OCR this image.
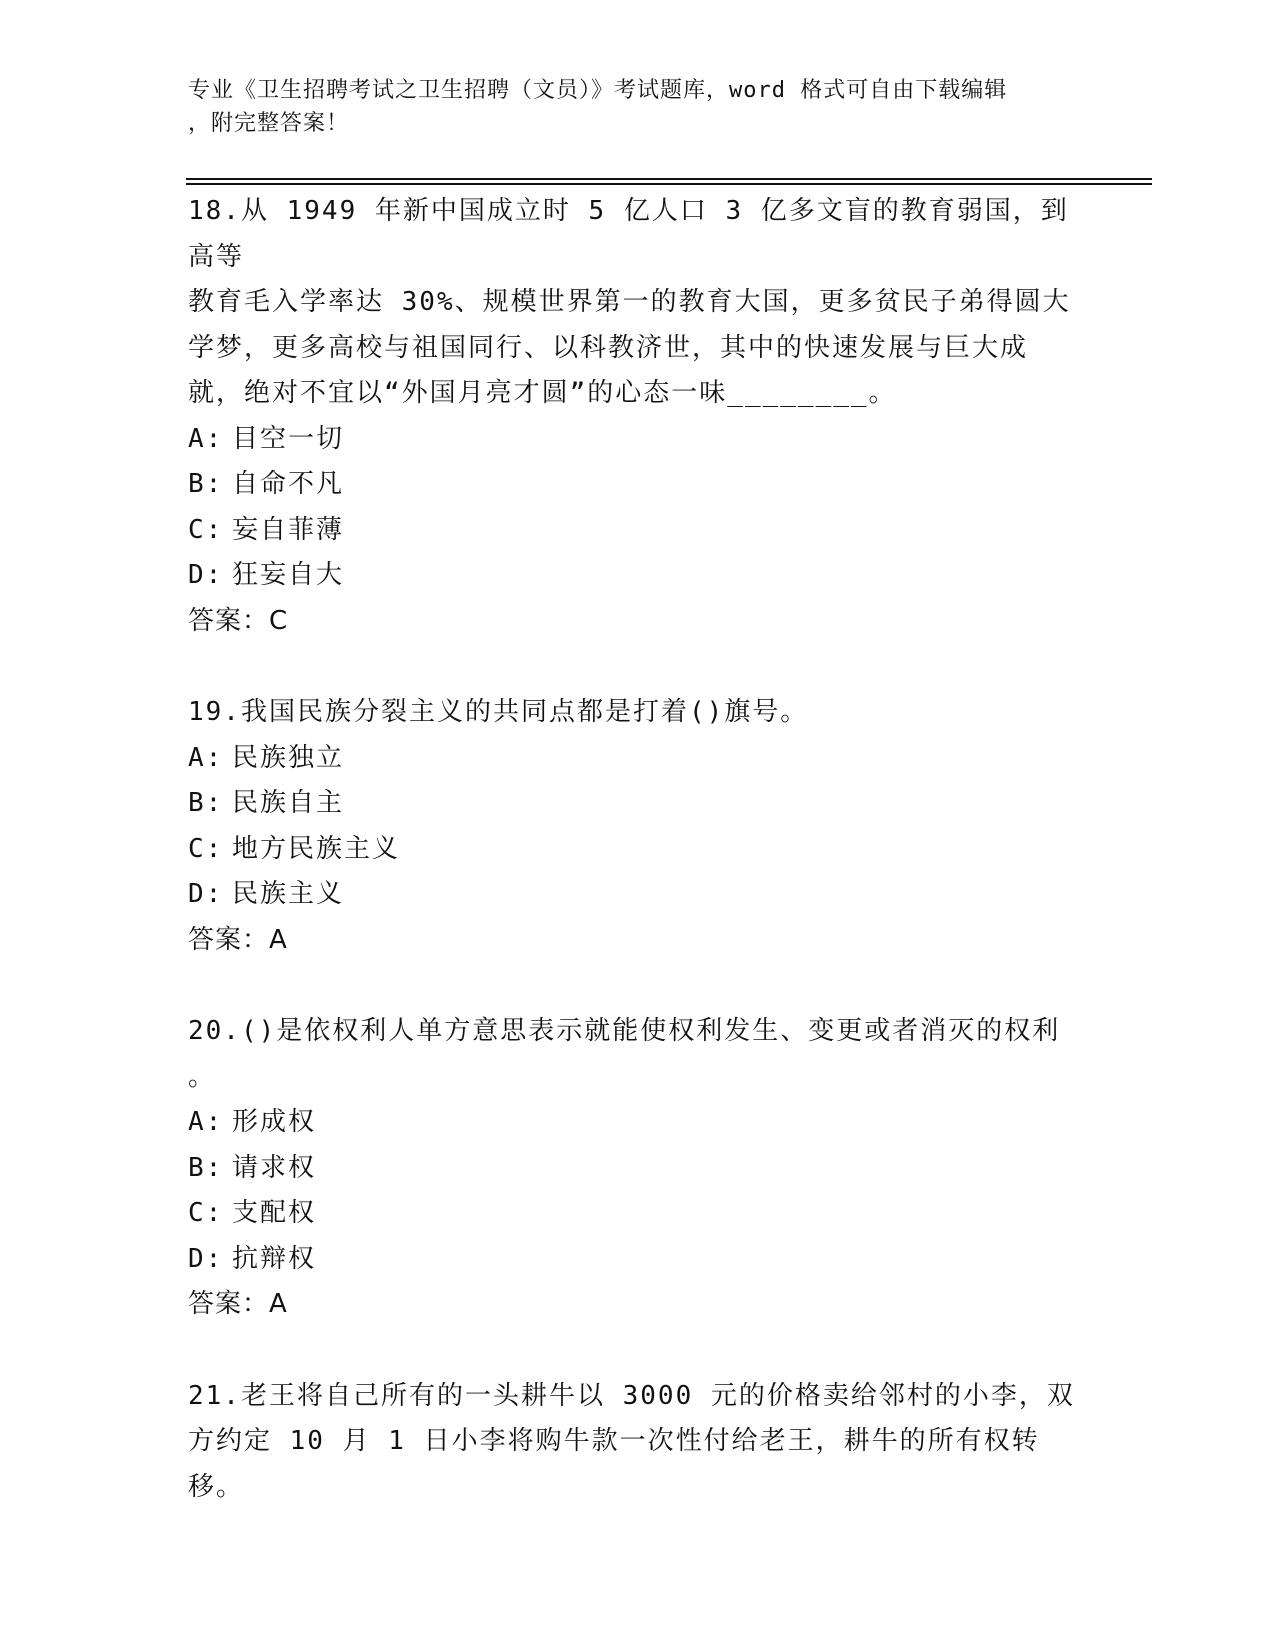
专业《卫生招聘考试之卫生招聘（文员）》考试题库，word 格式可自由下载编辑
，附完整答案！
18.从 1949 年新中国成立时 5 亿人口 3 亿多文盲的教育弱国，到高等
教育毛入学率达 30%、规模世界第一的教育大国，更多贫民子弟得圆大
学梦，更多高校与祖国同行、以科教济世，其中的快速发展与巨大成
就，绝对不宜以“外国月亮才圆”的心态一味________。
A: 目空一切
B: 自命不凡
C: 妄自菲薄
D: 狂妄自大
答案：C
19.我国民族分裂主义的共同点都是打着()旗号。
A: 民族独立
B: 民族自主
C: 地方民族主义
D: 民族主义
答案：A
20.()是依权利人单方意思表示就能使权利发生、变更或者消灭的权利
。
A: 形成权
B: 请求权
C: 支配权
D: 抗辩权
答案：A
21.老王将自己所有的一头耕牛以 3000 元的价格卖给邻村的小李，双
方约定 10 月 1 日小李将购牛款一次性付给老王，耕牛的所有权转移。
